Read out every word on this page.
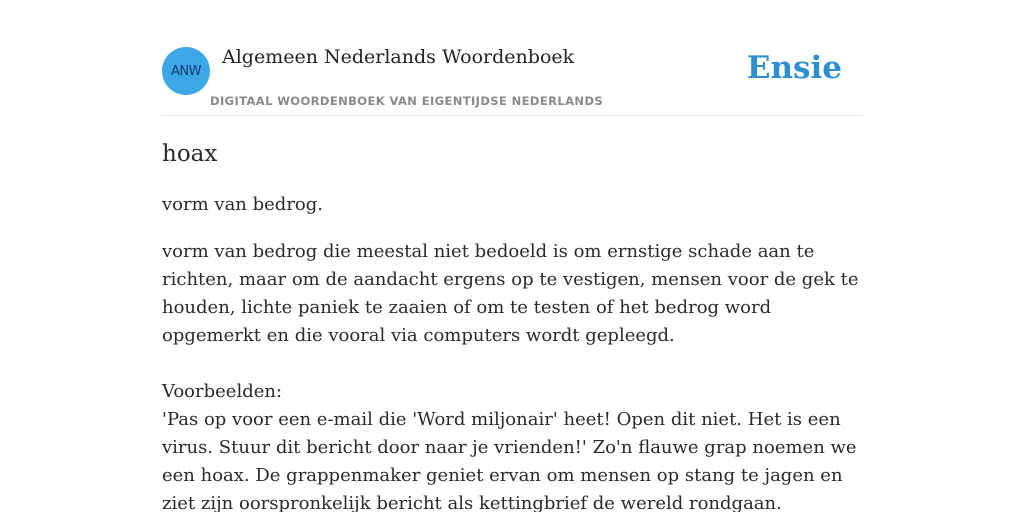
ANW
Algemeen Nederlands Woordenboek
DIGITAAL WOORDENBOEK VAN EIGENTIJDSE NEDERLANDS
Ensie
hoax

vorm van bedrog.

vorm van bedrog die meestal niet bedoeld is om ernstige schade aan te richten, maar om de aandacht ergens op te vestigen, mensen voor de gek te houden, lichte paniek te zaaien of om te testen of het bedrog word opgemerkt en die vooral via computers wordt gepleegd.

Voorbeelden:

'Pas op voor een e-mail die 'Word miljonair' heet! Open dit niet. Het is een virus. Stuur dit bericht door naar je vrienden!' Zo'n flauwe grap noemen we een hoax. De grappenmaker geniet ervan om mensen op stang te jagen en ziet zijn oorspronkelijk bericht als kettingbrief de wereld rondgaan.
